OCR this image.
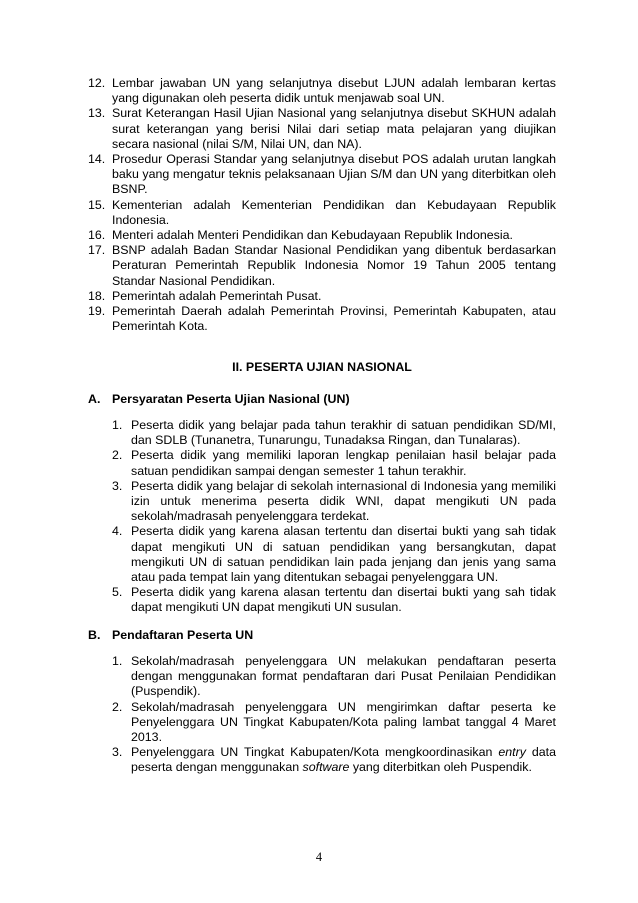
12. Lembar jawaban UN yang selanjutnya disebut LJUN adalah lembaran kertas yang digunakan oleh peserta didik untuk menjawab soal UN.
13. Surat Keterangan Hasil Ujian Nasional yang selanjutnya disebut SKHUN adalah surat keterangan yang berisi Nilai dari setiap mata pelajaran yang diujikan secara nasional (nilai S/M, Nilai UN, dan NA).
14. Prosedur Operasi Standar yang selanjutnya disebut POS adalah urutan langkah baku yang mengatur teknis pelaksanaan Ujian S/M dan UN yang diterbitkan oleh BSNP.
15. Kementerian adalah Kementerian Pendidikan dan Kebudayaan Republik Indonesia.
16. Menteri adalah Menteri Pendidikan dan Kebudayaan Republik Indonesia.
17. BSNP adalah Badan Standar Nasional Pendidikan yang dibentuk berdasarkan Peraturan Pemerintah Republik Indonesia Nomor 19 Tahun 2005 tentang Standar Nasional Pendidikan.
18. Pemerintah adalah Pemerintah Pusat.
19. Pemerintah Daerah adalah Pemerintah Provinsi, Pemerintah Kabupaten, atau Pemerintah Kota.
II. PESERTA UJIAN NASIONAL
A. Persyaratan Peserta Ujian Nasional (UN)
1. Peserta didik yang belajar pada tahun terakhir di satuan pendidikan SD/MI, dan SDLB (Tunanetra, Tunarungu, Tunadaksa Ringan, dan Tunalaras).
2. Peserta didik yang memiliki laporan lengkap penilaian hasil belajar pada satuan pendidikan sampai dengan semester 1 tahun terakhir.
3. Peserta didik yang belajar di sekolah internasional di Indonesia yang memiliki izin untuk menerima peserta didik WNI, dapat mengikuti UN pada sekolah/madrasah penyelenggara terdekat.
4. Peserta didik yang karena alasan tertentu dan disertai bukti yang sah tidak dapat mengikuti UN di satuan pendidikan yang bersangkutan, dapat mengikuti UN di satuan pendidikan lain pada jenjang dan jenis yang sama atau pada tempat lain yang ditentukan sebagai penyelenggara UN.
5. Peserta didik yang karena alasan tertentu dan disertai bukti yang sah tidak dapat mengikuti UN dapat mengikuti UN susulan.
B. Pendaftaran Peserta UN
1. Sekolah/madrasah penyelenggara UN melakukan pendaftaran peserta dengan menggunakan format pendaftaran dari Pusat Penilaian Pendidikan (Puspendik).
2. Sekolah/madrasah penyelenggara UN mengirimkan daftar peserta ke Penyelenggara UN Tingkat Kabupaten/Kota paling lambat tanggal 4 Maret 2013.
3. Penyelenggara UN Tingkat Kabupaten/Kota mengkoordinasikan entry data peserta dengan menggunakan software yang diterbitkan oleh Puspendik.
4
